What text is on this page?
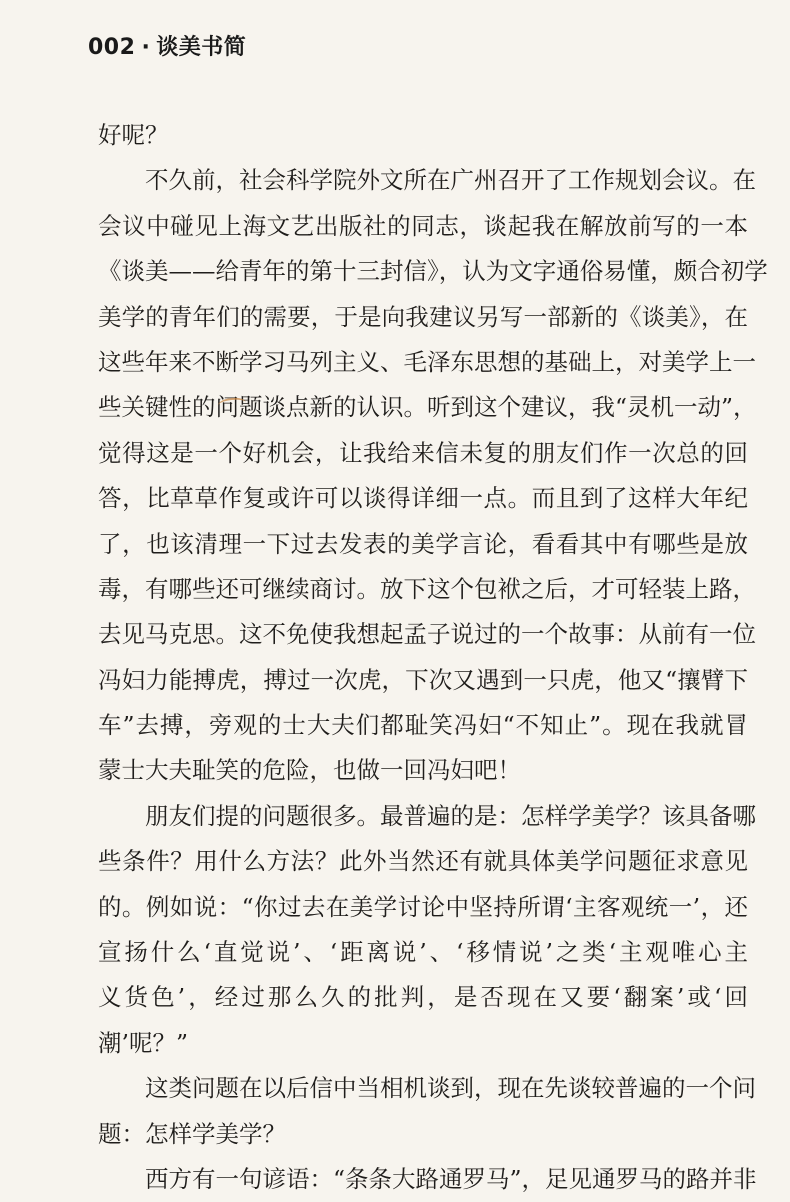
002 · 谈美书简
好呢？
不久前，社会科学院外文所在广州召开了工作规划会议。在
会议中碰见上海文艺出版社的同志，谈起我在解放前写的一本
《谈美——给青年的第十三封信》，认为文字通俗易懂，颇合初学
美学的青年们的需要，于是向我建议另写一部新的《谈美》，在
这些年来不断学习马列主义、毛泽东思想的基础上，对美学上一
些关键性的问题谈点新的认识。听到这个建议，我“灵机一动”，
觉得这是一个好机会，让我给来信未复的朋友们作一次总的回
答，比草草作复或许可以谈得详细一点。而且到了这样大年纪
了，也该清理一下过去发表的美学言论，看看其中有哪些是放
毒，有哪些还可继续商讨。放下这个包袱之后，才可轻装上路，
去见马克思。这不免使我想起孟子说过的一个故事：从前有一位
冯妇力能搏虎，搏过一次虎，下次又遇到一只虎，他又“攘臂下
车”去搏，旁观的士大夫们都耻笑冯妇“不知止”。现在我就冒
蒙士大夫耻笑的危险，也做一回冯妇吧！
朋友们提的问题很多。最普遍的是：怎样学美学？该具备哪
些条件？用什么方法？此外当然还有就具体美学问题征求意见
的。例如说：“你过去在美学讨论中坚持所谓‘主客观统一’，还
宣扬什么‘直觉说’、‘距离说’、‘移情说’之类‘主观唯心主
义货色’，经过那么久的批判，是否现在又要‘翻案’或‘回
潮’呢？”
这类问题在以后信中当相机谈到，现在先谈较普遍的一个问
题：怎样学美学？
西方有一句谚语：“条条大路通罗马”，足见通罗马的路并非
